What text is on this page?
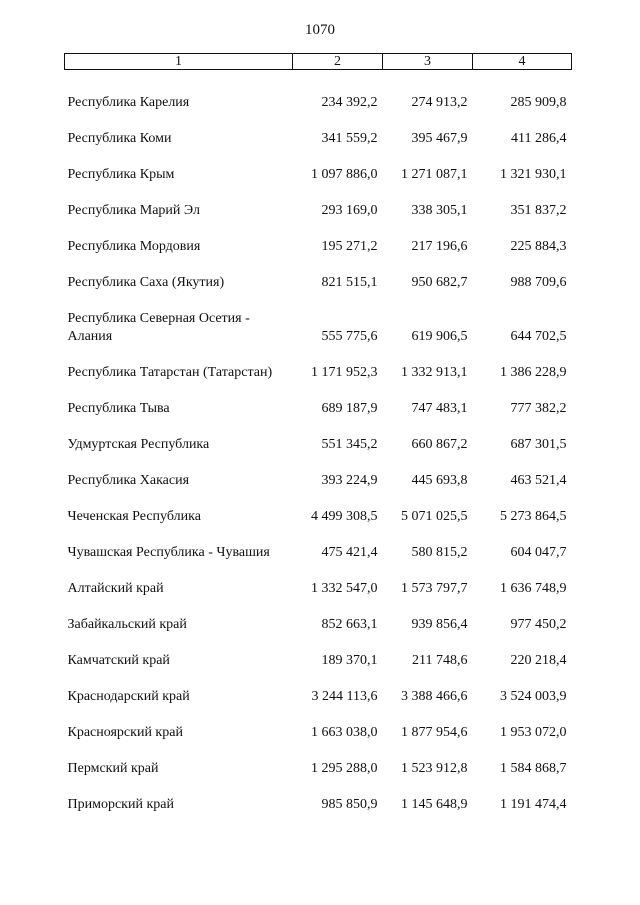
1070
1	2	3	4
Республика Карелия	234 392,2	274 913,2	285 909,8
Республика Коми	341 559,2	395 467,9	411 286,4
Республика Крым	1 097 886,0	1 271 087,1	1 321 930,1
Республика Марий Эл	293 169,0	338 305,1	351 837,2
Республика Мордовия	195 271,2	217 196,6	225 884,3
Республика Саха (Якутия)	821 515,1	950 682,7	988 709,6
Республика Северная Осетия - Алания	555 775,6	619 906,5	644 702,5
Республика Татарстан (Татарстан)	1 171 952,3	1 332 913,1	1 386 228,9
Республика Тыва	689 187,9	747 483,1	777 382,2
Удмуртская Республика	551 345,2	660 867,2	687 301,5
Республика Хакасия	393 224,9	445 693,8	463 521,4
Чеченская Республика	4 499 308,5	5 071 025,5	5 273 864,5
Чувашская Республика - Чувашия	475 421,4	580 815,2	604 047,7
Алтайский край	1 332 547,0	1 573 797,7	1 636 748,9
Забайкальский край	852 663,1	939 856,4	977 450,2
Камчатский край	189 370,1	211 748,6	220 218,4
Краснодарский край	3 244 113,6	3 388 466,6	3 524 003,9
Красноярский край	1 663 038,0	1 877 954,6	1 953 072,0
Пермский край	1 295 288,0	1 523 912,8	1 584 868,7
Приморский край	985 850,9	1 145 648,9	1 191 474,4
